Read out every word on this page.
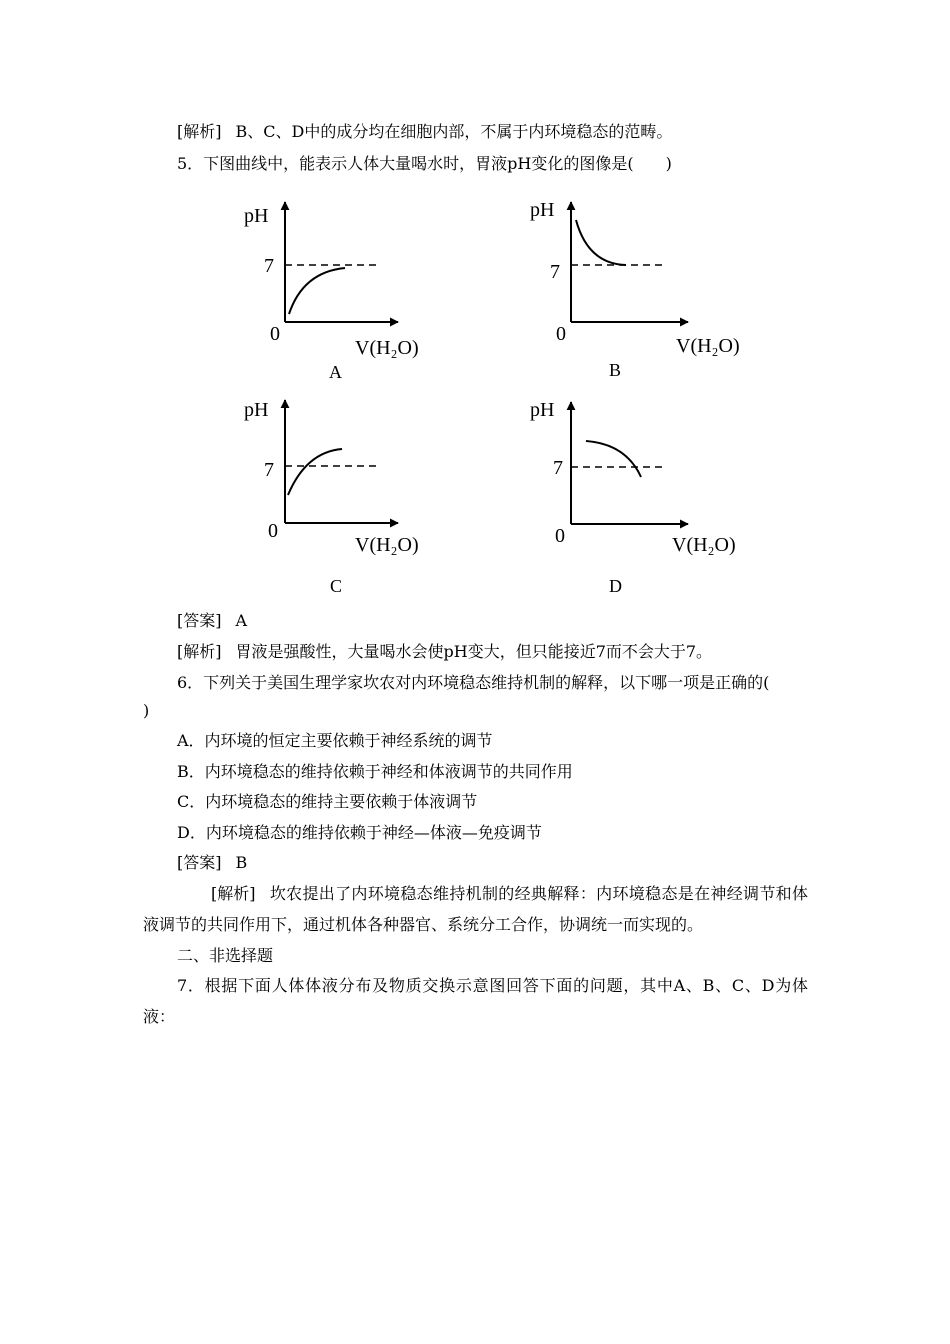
[解析] B、C、D中的成分均在细胞内部，不属于内环境稳态的范畴。
5．下图曲线中，能表示人体大量喝水时，胃液pH变化的图像是(　　)
pH
7
0
V(H₂O)
A
pH
7
0
V(H₂O)
B
pH
7
0
V(H₂O)
C
pH
7
0	V(H₂O)
D
[答案] A
[解析] 胃液是强酸性，大量喝水会使pH变大，但只能接近7而不会大于7。
6．下列关于美国生理学家坎农对内环境稳态维持机制的解释，以下哪一项是正确的(
)
A．内环境的恒定主要依赖于神经系统的调节
B．内环境稳态的维持依赖于神经和体液调节的共同作用
C．内环境稳态的维持主要依赖于体液调节
D．内环境稳态的维持依赖于神经—体液—免疫调节
[答案] B
[解析] 坎农提出了内环境稳态维持机制的经典解释：内环境稳态是在神经调节和体液调节的共同作用下，通过机体各种器官、系统分工合作，协调统一而实现的。
二、非选择题
7．根据下面人体体液分布及物质交换示意图回答下面的问题，其中A、B、C、D为体液：
